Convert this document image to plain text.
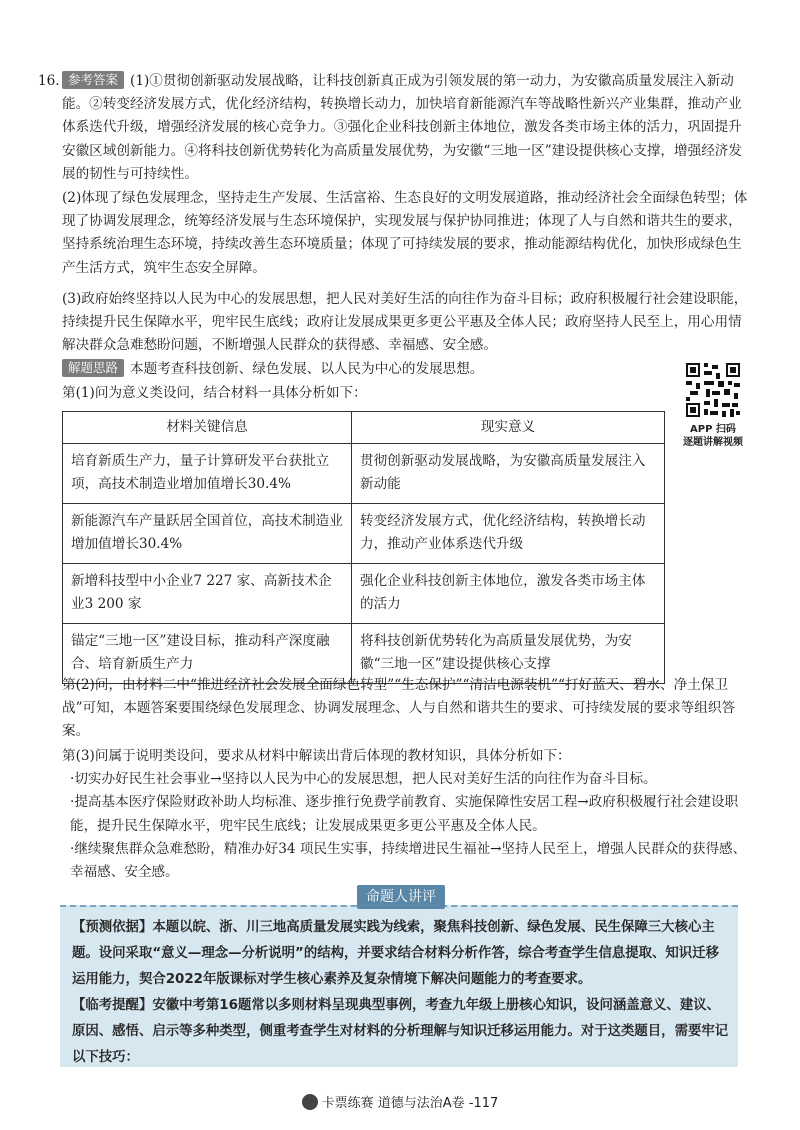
16. 参考答案 (1)①贯彻创新驱动发展战略，让科技创新真正成为引领发展的第一动力，为安徽高质量发展注入新动能。②转变经济发展方式，优化经济结构，转换增长动力，加快培育新能源汽车等战略性新兴产业集群，推动产业体系迭代升级，增强经济发展的核心竞争力。③强化企业科技创新主体地位，激发各类市场主体的活力，巩固提升安徽区域创新能力。④将科技创新优势转化为高质量发展优势，为安徽“三地一区”建设提供核心支撑，增强经济发展的韧性与可持续性。
(2)体现了绿色发展理念，坚持走生产发展、生活富裕、生态良好的文明发展道路，推动经济社会全面绿色转型；体现了协调发展理念，统筹经济发展与生态环境保护，实现发展与保护协同推进；体现了人与自然和谐共生的要求，坚持系统治理生态环境，持续改善生态环境质量；体现了可持续发展的要求，推动能源结构优化，加快形成绿色生产生活方式，筑牢生态安全屏障。
(3)政府始终坚持以人民为中心的发展思想，把人民对美好生活的向往作为奋斗目标；政府积极履行社会建设职能，持续提升民生保障水平，兜牢民生底线；政府让发展成果更多更公平惠及全体人民；政府坚持人民至上，用心用情解决群众急难愁盼问题，不断增强人民群众的获得感、幸福感、安全感。
解题思路 本题考查科技创新、绿色发展、以人民为中心的发展思想。
第(1)问为意义类设问，结合材料一具体分析如下：
APP 扫码
逐题讲解视频
材料关键信息	现实意义
培育新质生产力，量子计算研发平台获批立项，高技术制造业增加值增长30.4%	贯彻创新驱动发展战略，为安徽高质量发展注入新动能
新能源汽车产量跃居全国首位，高技术制造业增加值增长30.4%	转变经济发展方式，优化经济结构，转换增长动力，推动产业体系迭代升级
新增科技型中小企业7 227 家、高新技术企业3 200 家	强化企业科技创新主体地位，激发各类市场主体的活力
锚定“三地一区”建设目标，推动科产深度融合、培育新质生产力	将科技创新优势转化为高质量发展优势，为安徽“三地一区”建设提供核心支撑
第(2)问，由材料二中“推进经济社会发展全面绿色转型”“生态保护”“清洁电源装机”“打好蓝天、碧水、净土保卫战”可知，本题答案要围绕绿色发展理念、协调发展理念、人与自然和谐共生的要求、可持续发展的要求等组织答案。
第(3)问属于说明类设问，要求从材料中解读出背后体现的教材知识，具体分析如下：
·切实办好民生社会事业→坚持以人民为中心的发展思想，把人民对美好生活的向往作为奋斗目标。
·提高基本医疗保险财政补助人均标准、逐步推行免费学前教育、实施保障性安居工程→政府积极履行社会建设职能，提升民生保障水平，兜牢民生底线；让发展成果更多更公平惠及全体人民。
·继续聚焦群众急难愁盼，精准办好34 项民生实事，持续增进民生福祉→坚持人民至上，增强人民群众的获得感、幸福感、安全感。
命题人讲评
【预测依据】本题以皖、浙、川三地高质量发展实践为线索，聚焦科技创新、绿色发展、民生保障三大核心主题。设问采取“意义—理念—分析说明”的结构，并要求结合材料分析作答，综合考查学生信息提取、知识迁移运用能力，契合2022年版课标对学生核心素养及复杂情境下解决问题能力的考查要求。
【临考提醒】安徽中考第16题常以多则材料呈现典型事例，考查九年级上册核心知识，设问涵盖意义、建议、原因、感悟、启示等多种类型，侧重考查学生对材料的分析理解与知识迁移运用能力。对于这类题目，需要牢记以下技巧：
卡票练赛 道德与法治A卷 -117
